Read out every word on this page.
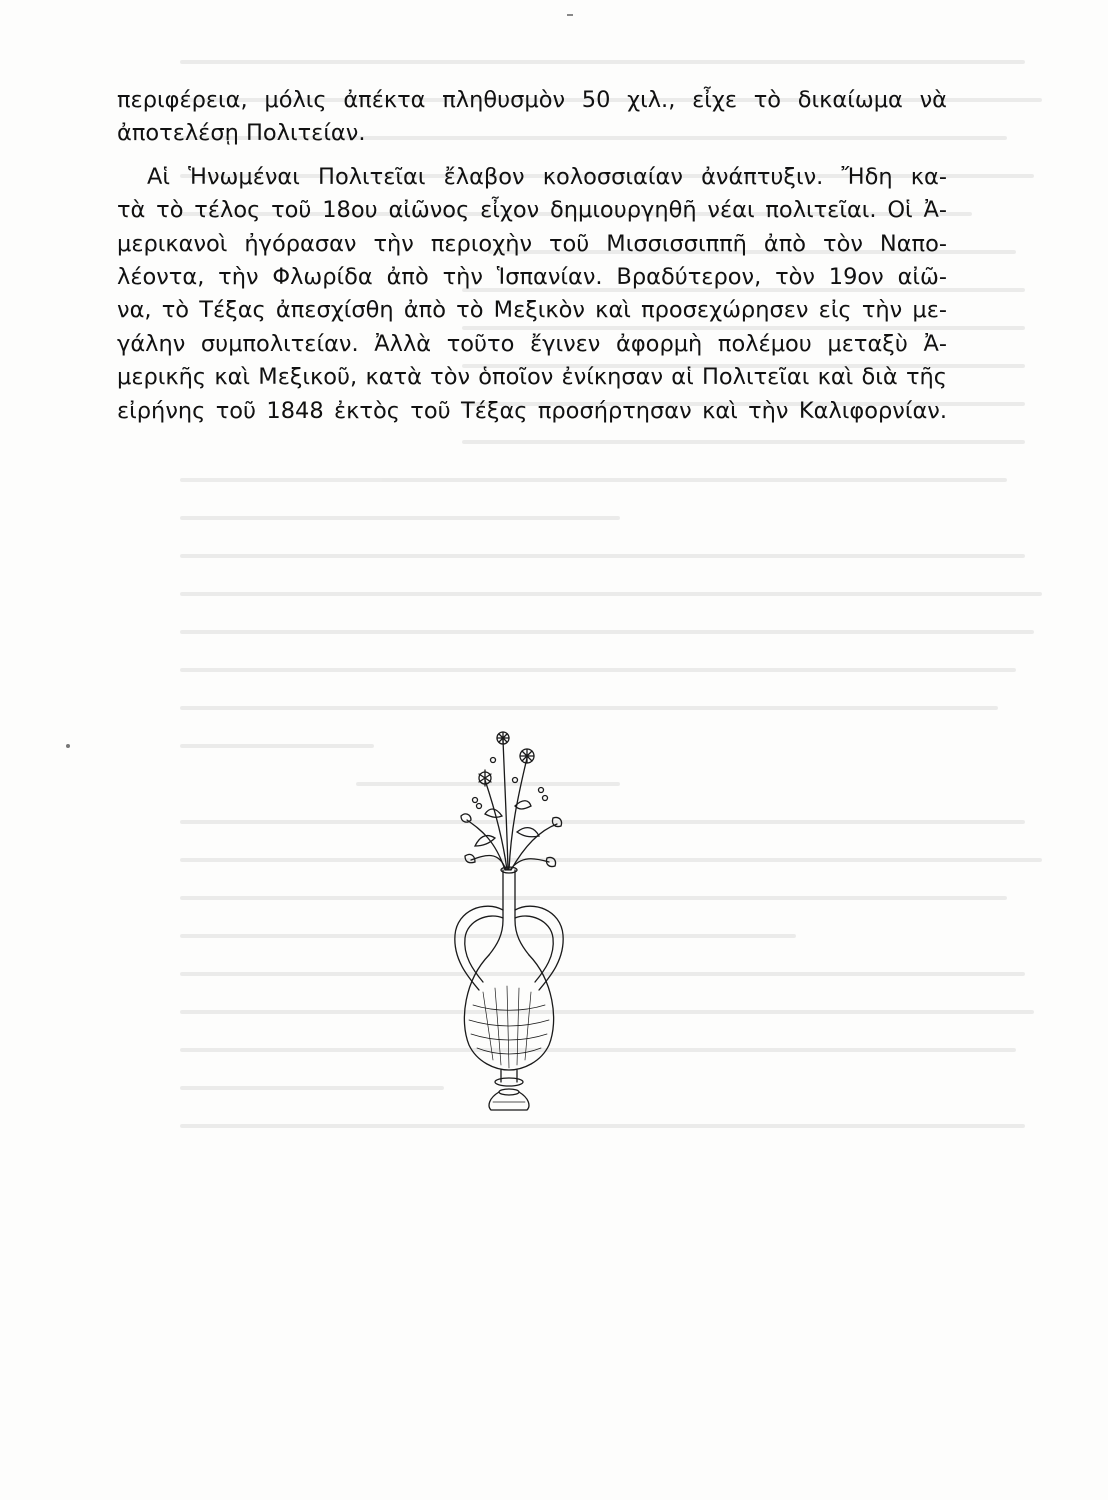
περιφέρεια, μόλις ἀπέκτα πληθυσμὸν 50 χιλ., εἶχε τὸ δικαίωμα νὰ
ἀποτελέσῃ Πολιτείαν.

Αἱ Ἡνωμέναι Πολιτεῖαι ἔλαβον κολοσσιαίαν ἀνάπτυξιν. Ἤδη κα-
τὰ τὸ τέλος τοῦ 18ου αἰῶνος εἶχον δημιουργηθῆ νέαι πολιτεῖαι. Οἱ Ἀ-
μερικανοὶ ἠγόρασαν τὴν περιοχὴν τοῦ Μισσισσιππῆ ἀπὸ τὸν Ναπο-
λέοντα, τὴν Φλωρίδα ἀπὸ τὴν Ἱσπανίαν. Βραδύτερον, τὸν 19ον αἰῶ-
να, τὸ Τέξας ἀπεσχίσθη ἀπὸ τὸ Μεξικὸν καὶ προσεχώρησεν εἰς τὴν με-
γάλην συμπολιτείαν. Ἀλλὰ τοῦτο ἔγινεν ἀφορμὴ πολέμου μεταξὺ Ἀ-
μερικῆς καὶ Μεξικοῦ, κατὰ τὸν ὁποῖον ἐνίκησαν αἱ Πολιτεῖαι καὶ διὰ τῆς
εἰρήνης τοῦ 1848 ἐκτὸς τοῦ Τέξας προσήρτησαν καὶ τὴν Καλιφορνίαν.
